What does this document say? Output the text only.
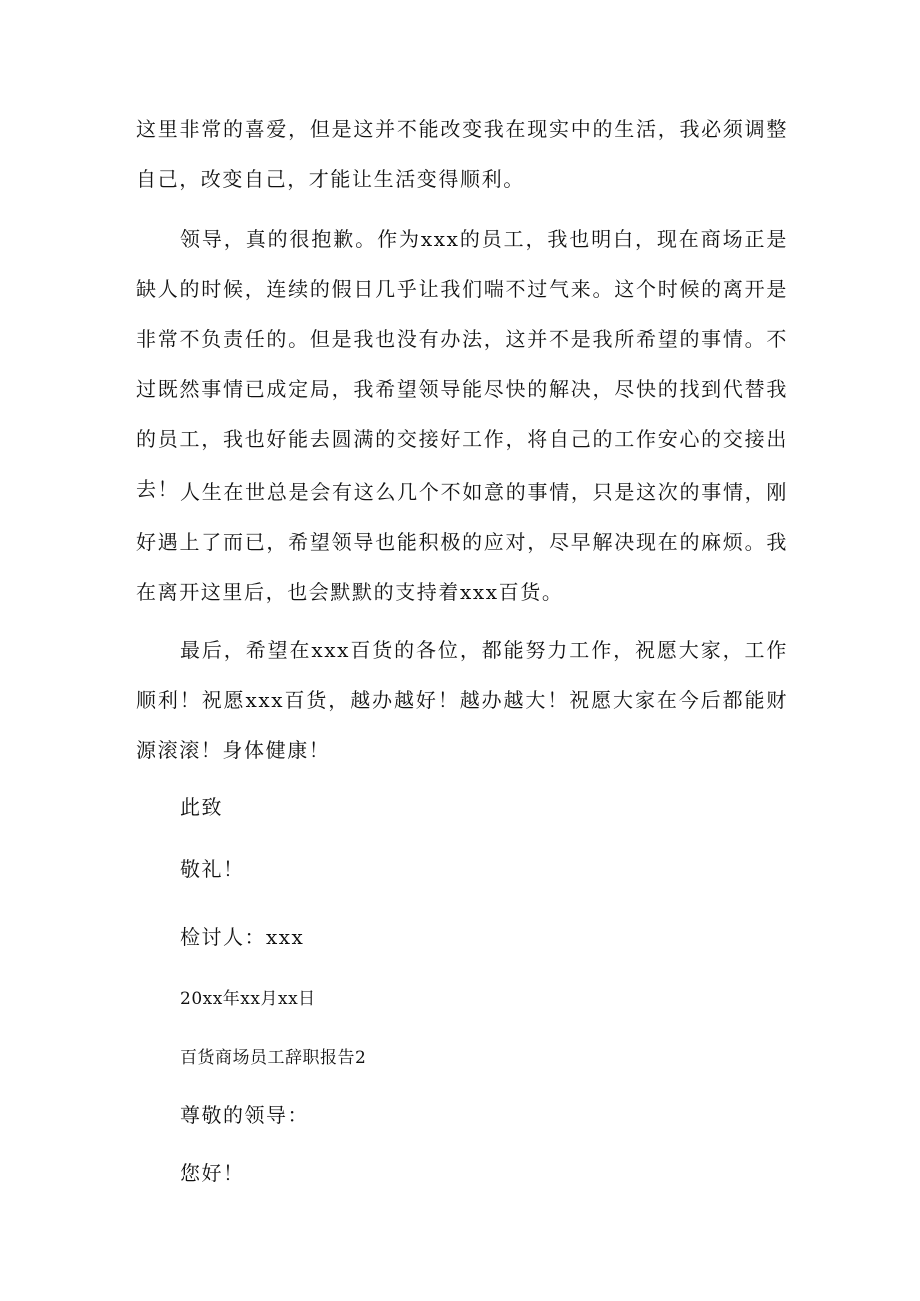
这里非常的喜爱，但是这并不能改变我在现实中的生活，我必须调整自己，改变自己，才能让生活变得顺利。

领导，真的很抱歉。作为xxx的员工，我也明白，现在商场正是缺人的时候，连续的假日几乎让我们喘不过气来。这个时候的离开是非常不负责任的。但是我也没有办法，这并不是我所希望的事情。不过既然事情已成定局，我希望领导能尽快的解决，尽快的找到代替我的员工，我也好能去圆满的交接好工作，将自己的工作安心的交接出去！ 人生在世总是会有这么几个不如意的事情，只是这次的事情，刚好遇上了而已，希望领导也能积极的应对，尽早解决现在的麻烦。我在离开这里后，也会默默的支持着xxx百货。

最后，希望在xxx百货的各位，都能努力工作，祝愿大家，工作顺利！祝愿xxx百货，越办越好！越办越大！祝愿大家在今后都能财源滚滚！身体健康！

此致

敬礼！

检讨人：xxx

20xx年xx月xx日

百货商场员工辞职报告2

尊敬的领导：

您好！
